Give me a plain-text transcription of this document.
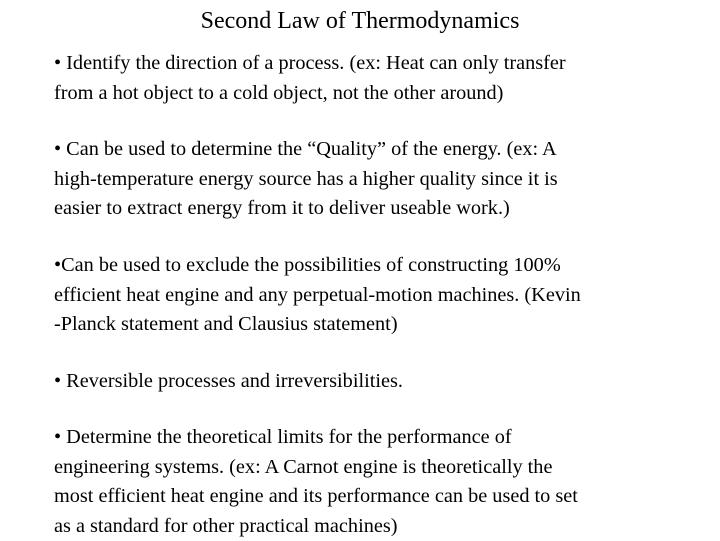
Second Law of Thermodynamics
• Identify the direction of a process. (ex: Heat can only transfer
from a hot object to a cold object, not the other around)
• Can be used to determine the “Quality” of the energy. (ex: A
high-temperature energy source has a higher quality since it is
easier to extract energy from it to deliver useable work.)
•Can be used to exclude the possibilities of constructing 100%
efficient heat engine and any perpetual-motion machines. (Kevin
-Planck statement and Clausius statement)
• Reversible processes and irreversibilities.
• Determine the theoretical limits for the performance of
engineering systems. (ex: A Carnot engine is theoretically the
most efficient heat engine and its performance can be used to set
as a standard for other practical machines)
